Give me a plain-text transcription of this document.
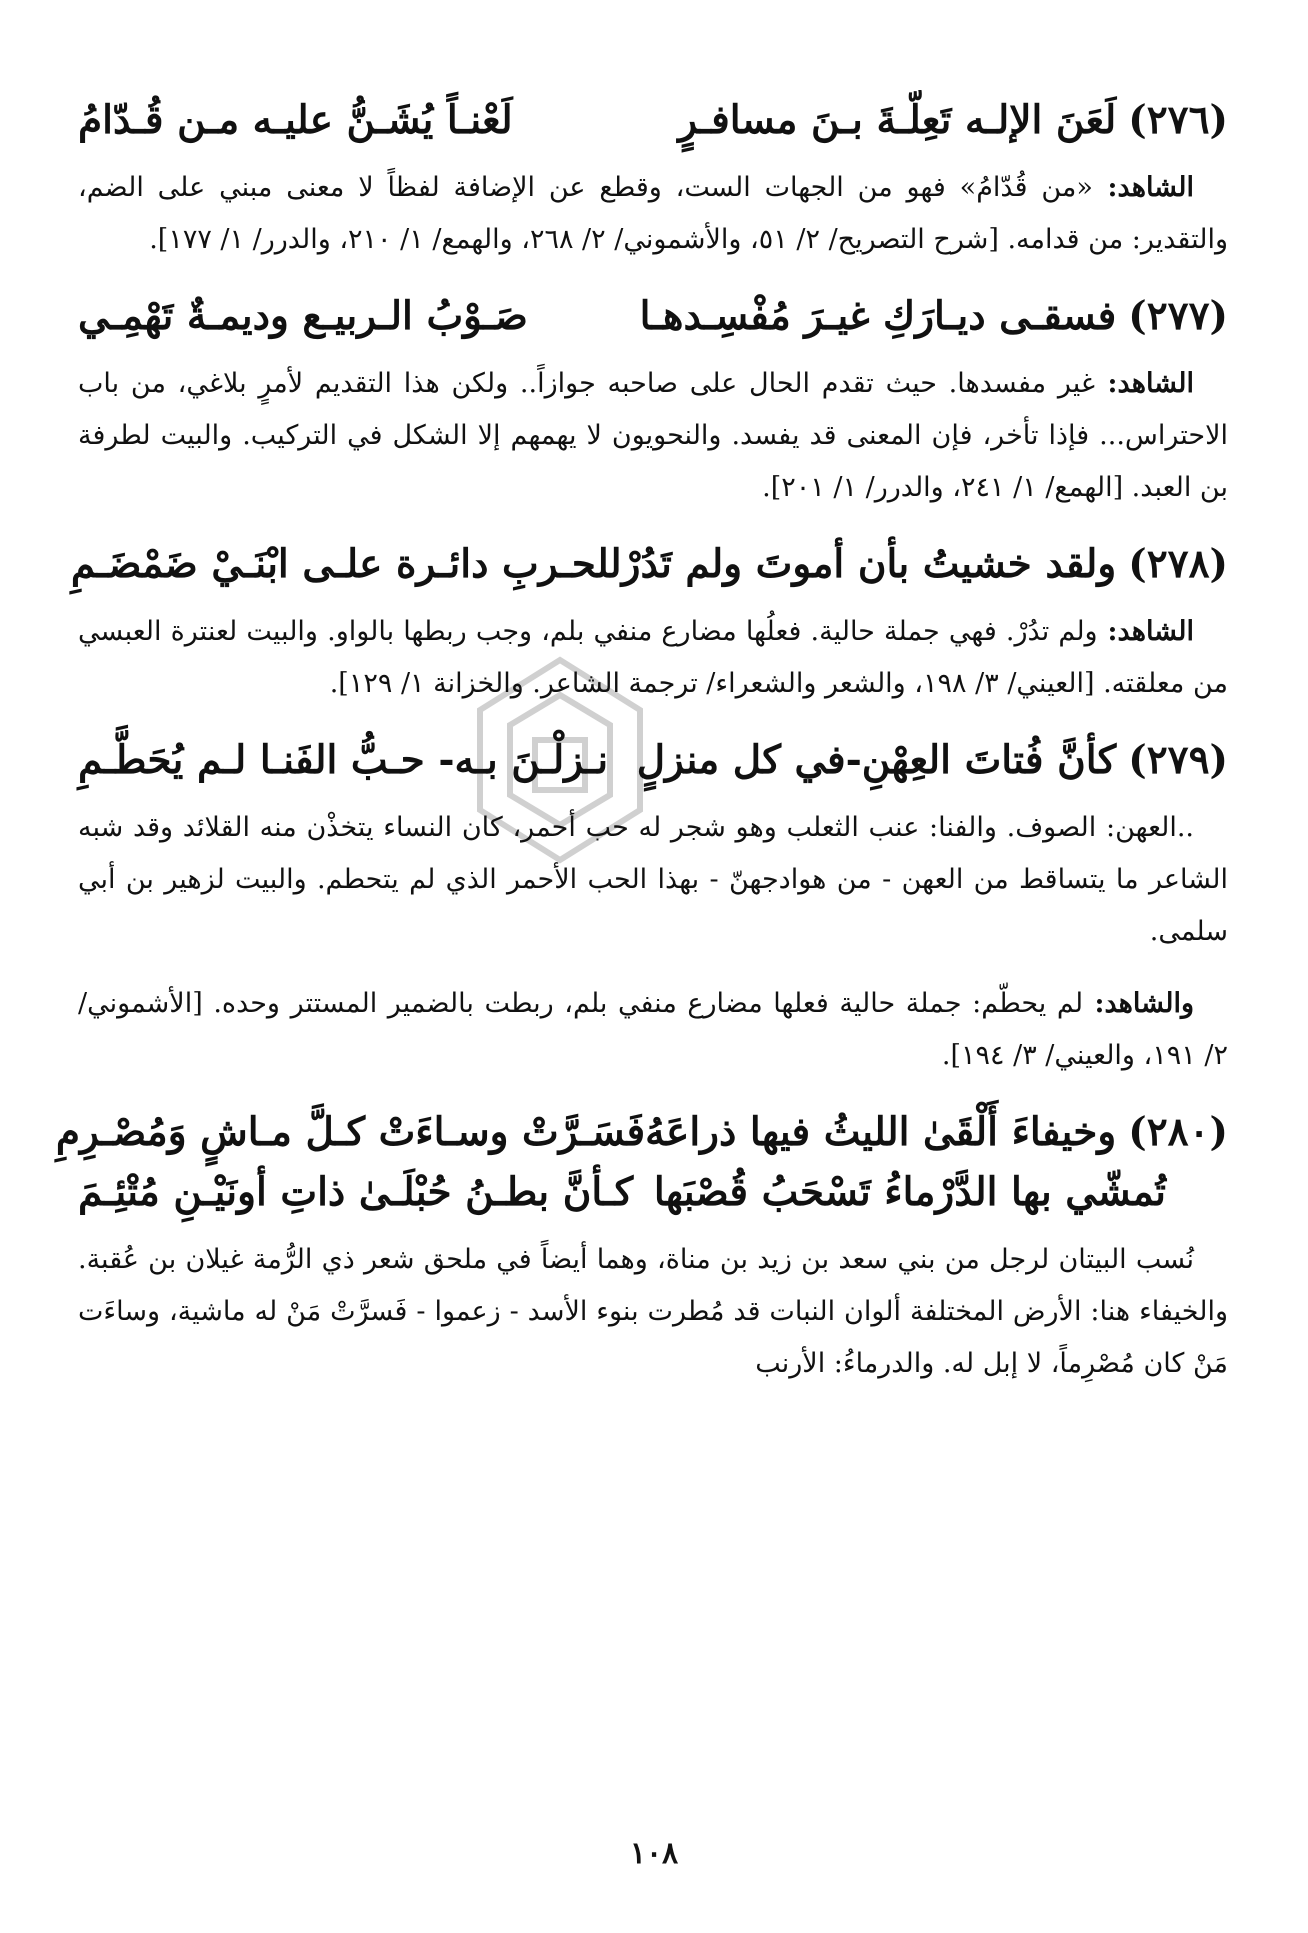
(٢٧٦)
لَعَنَ الإلـه تَعِلّـةَ بـنَ مسافـرٍ
لَعْنـاً يُشَـنُّ عليـه مـن قُـدّامُ

الشاهد: «من قُدّامُ» فهو من الجهات الست، وقطع عن الإضافة لفظاً لا معنى مبني على الضم، والتقدير: من قدامه. [شرح التصريح/ ٢/ ٥١، والأشموني/ ٢/ ٢٦٨، والهمع/ ١/ ٢١٠، والدرر/ ١/ ١٧٧].

(٢٧٧)
فسقـى ديـارَكِ غيـرَ مُفْسِـدهـا
صَـوْبُ الـربيـع وديمـةٌ تَهْمِـي

الشاهد: غير مفسدها. حيث تقدم الحال على صاحبه جوازاً.. ولكن هذا التقديم لأمرٍ بلاغي، من باب الاحتراس... فإذا تأخر، فإن المعنى قد يفسد. والنحويون لا يهمهم إلا الشكل في التركيب. والبيت لطرفة بن العبد. [الهمع/ ١/ ٢٤١، والدرر/ ١/ ٢٠١].

(٢٧٨)
ولقد خشيتُ بأن أموتَ ولم تَدُرْ
للحـربِ دائـرة علـى ابْنَـيْ ضَمْضَـمِ

الشاهد: ولم تدُرْ. فهي جملة حالية. فعلُها مضارع منفي بلم، وجب ربطها بالواو. والبيت لعنترة العبسي من معلقته. [العيني/ ٣/ ١٩٨، والشعر والشعراء/ ترجمة الشاعر. والخزانة ١/ ١٢٩].

(٢٧٩)
كأنَّ فُتاتَ العِهْنِ-في كل منزلٍ
نـزلْـنَ بـه- حـبُّ الفَنـا لـم يُحَطَّـمِ

..العهن: الصوف. والفنا: عنب الثعلب وهو شجر له حب أحمر، كان النساء يتخذْن منه القلائد وقد شبه الشاعر ما يتساقط من العهن - من هوادجهنّ - بهذا الحب الأحمر الذي لم يتحطم. والبيت لزهير بن أبي سلمى.

والشاهد: لم يحطّم: جملة حالية فعلها مضارع منفي بلم، ربطت بالضمير المستتر وحده. [الأشموني/ ٢/ ١٩١، والعيني/ ٣/ ١٩٤].

(٢٨٠)
وخيفاءَ أَلْقَىٰ الليثُ فيها ذراعَهُ
فَسَـرَّتْ وسـاءَتْ كـلَّ مـاشٍ وَمُصْـرِمِ
تُمشّي بها الدَّرْماءُ تَسْحَبُ قُصْبَها
كـأنَّ بطـنُ حُبْلَـىٰ ذاتِ أونَيْـنِ مُتْئِـمَ

نُسب البيتان لرجل من بني سعد بن زيد بن مناة، وهما أيضاً في ملحق شعر ذي الرُّمة غيلان بن عُقبة. والخيفاء هنا: الأرض المختلفة ألوان النبات قد مُطرت بنوء الأسد - زعموا - فَسرَّتْ مَنْ له ماشية، وساءَت مَنْ كان مُصْرِماً، لا إبل له. والدرماءُ: الأرنب

١٠٨
